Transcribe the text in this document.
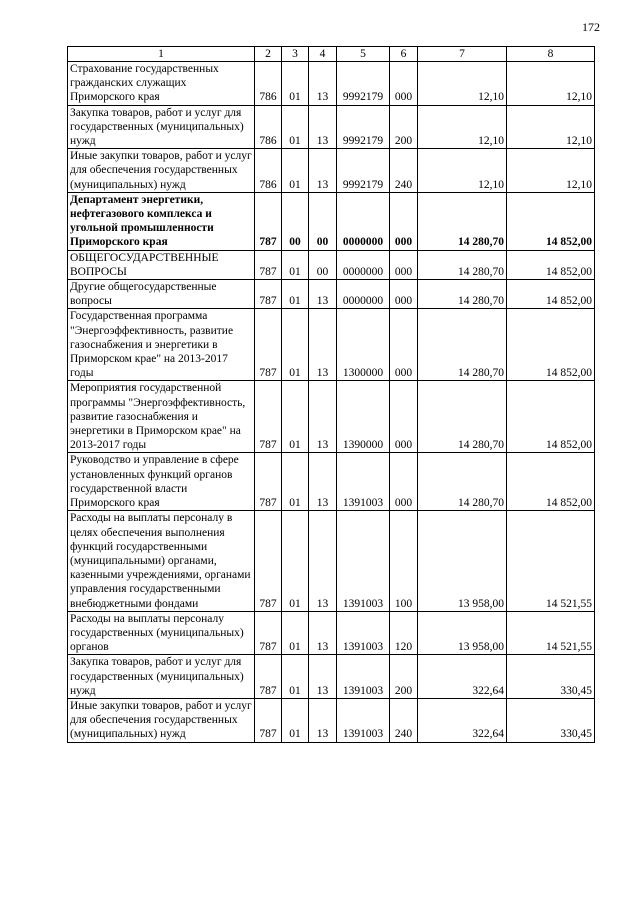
172
1	2	3	4	5	6	7	8
Страхование государственных гражданских служащих Приморского края	786	01	13	9992179	000	12,10	12,10
Закупка товаров, работ и услуг для государственных (муниципальных) нужд	786	01	13	9992179	200	12,10	12,10
Иные закупки товаров, работ и услуг для обеспечения государственных (муниципальных) нужд	786	01	13	9992179	240	12,10	12,10
Департамент энергетики, нефтегазового комплекса и угольной промышленности Приморского края	787	00	00	0000000	000	14 280,70	14 852,00
ОБЩЕГОСУДАРСТВЕННЫЕ ВОПРОСЫ	787	01	00	0000000	000	14 280,70	14 852,00
Другие общегосударственные вопросы	787	01	13	0000000	000	14 280,70	14 852,00
Государственная программа "Энергоэффективность, развитие газоснабжения и энергетики в Приморском крае" на 2013-2017 годы	787	01	13	1300000	000	14 280,70	14 852,00
Мероприятия государственной программы "Энергоэффективность, развитие газоснабжения и энергетики в Приморском крае" на 2013-2017 годы	787	01	13	1390000	000	14 280,70	14 852,00
Руководство и управление в сфере установленных функций органов государственной власти Приморского края	787	01	13	1391003	000	14 280,70	14 852,00
Расходы на выплаты персоналу в целях обеспечения выполнения функций государственными (муниципальными) органами, казенными учреждениями, органами управления государственными внебюджетными фондами	787	01	13	1391003	100	13 958,00	14 521,55
Расходы на выплаты персоналу государственных (муниципальных) органов	787	01	13	1391003	120	13 958,00	14 521,55
Закупка товаров, работ и услуг для государственных (муниципальных) нужд	787	01	13	1391003	200	322,64	330,45
Иные закупки товаров, работ и услуг для обеспечения государственных (муниципальных) нужд	787	01	13	1391003	240	322,64	330,45
